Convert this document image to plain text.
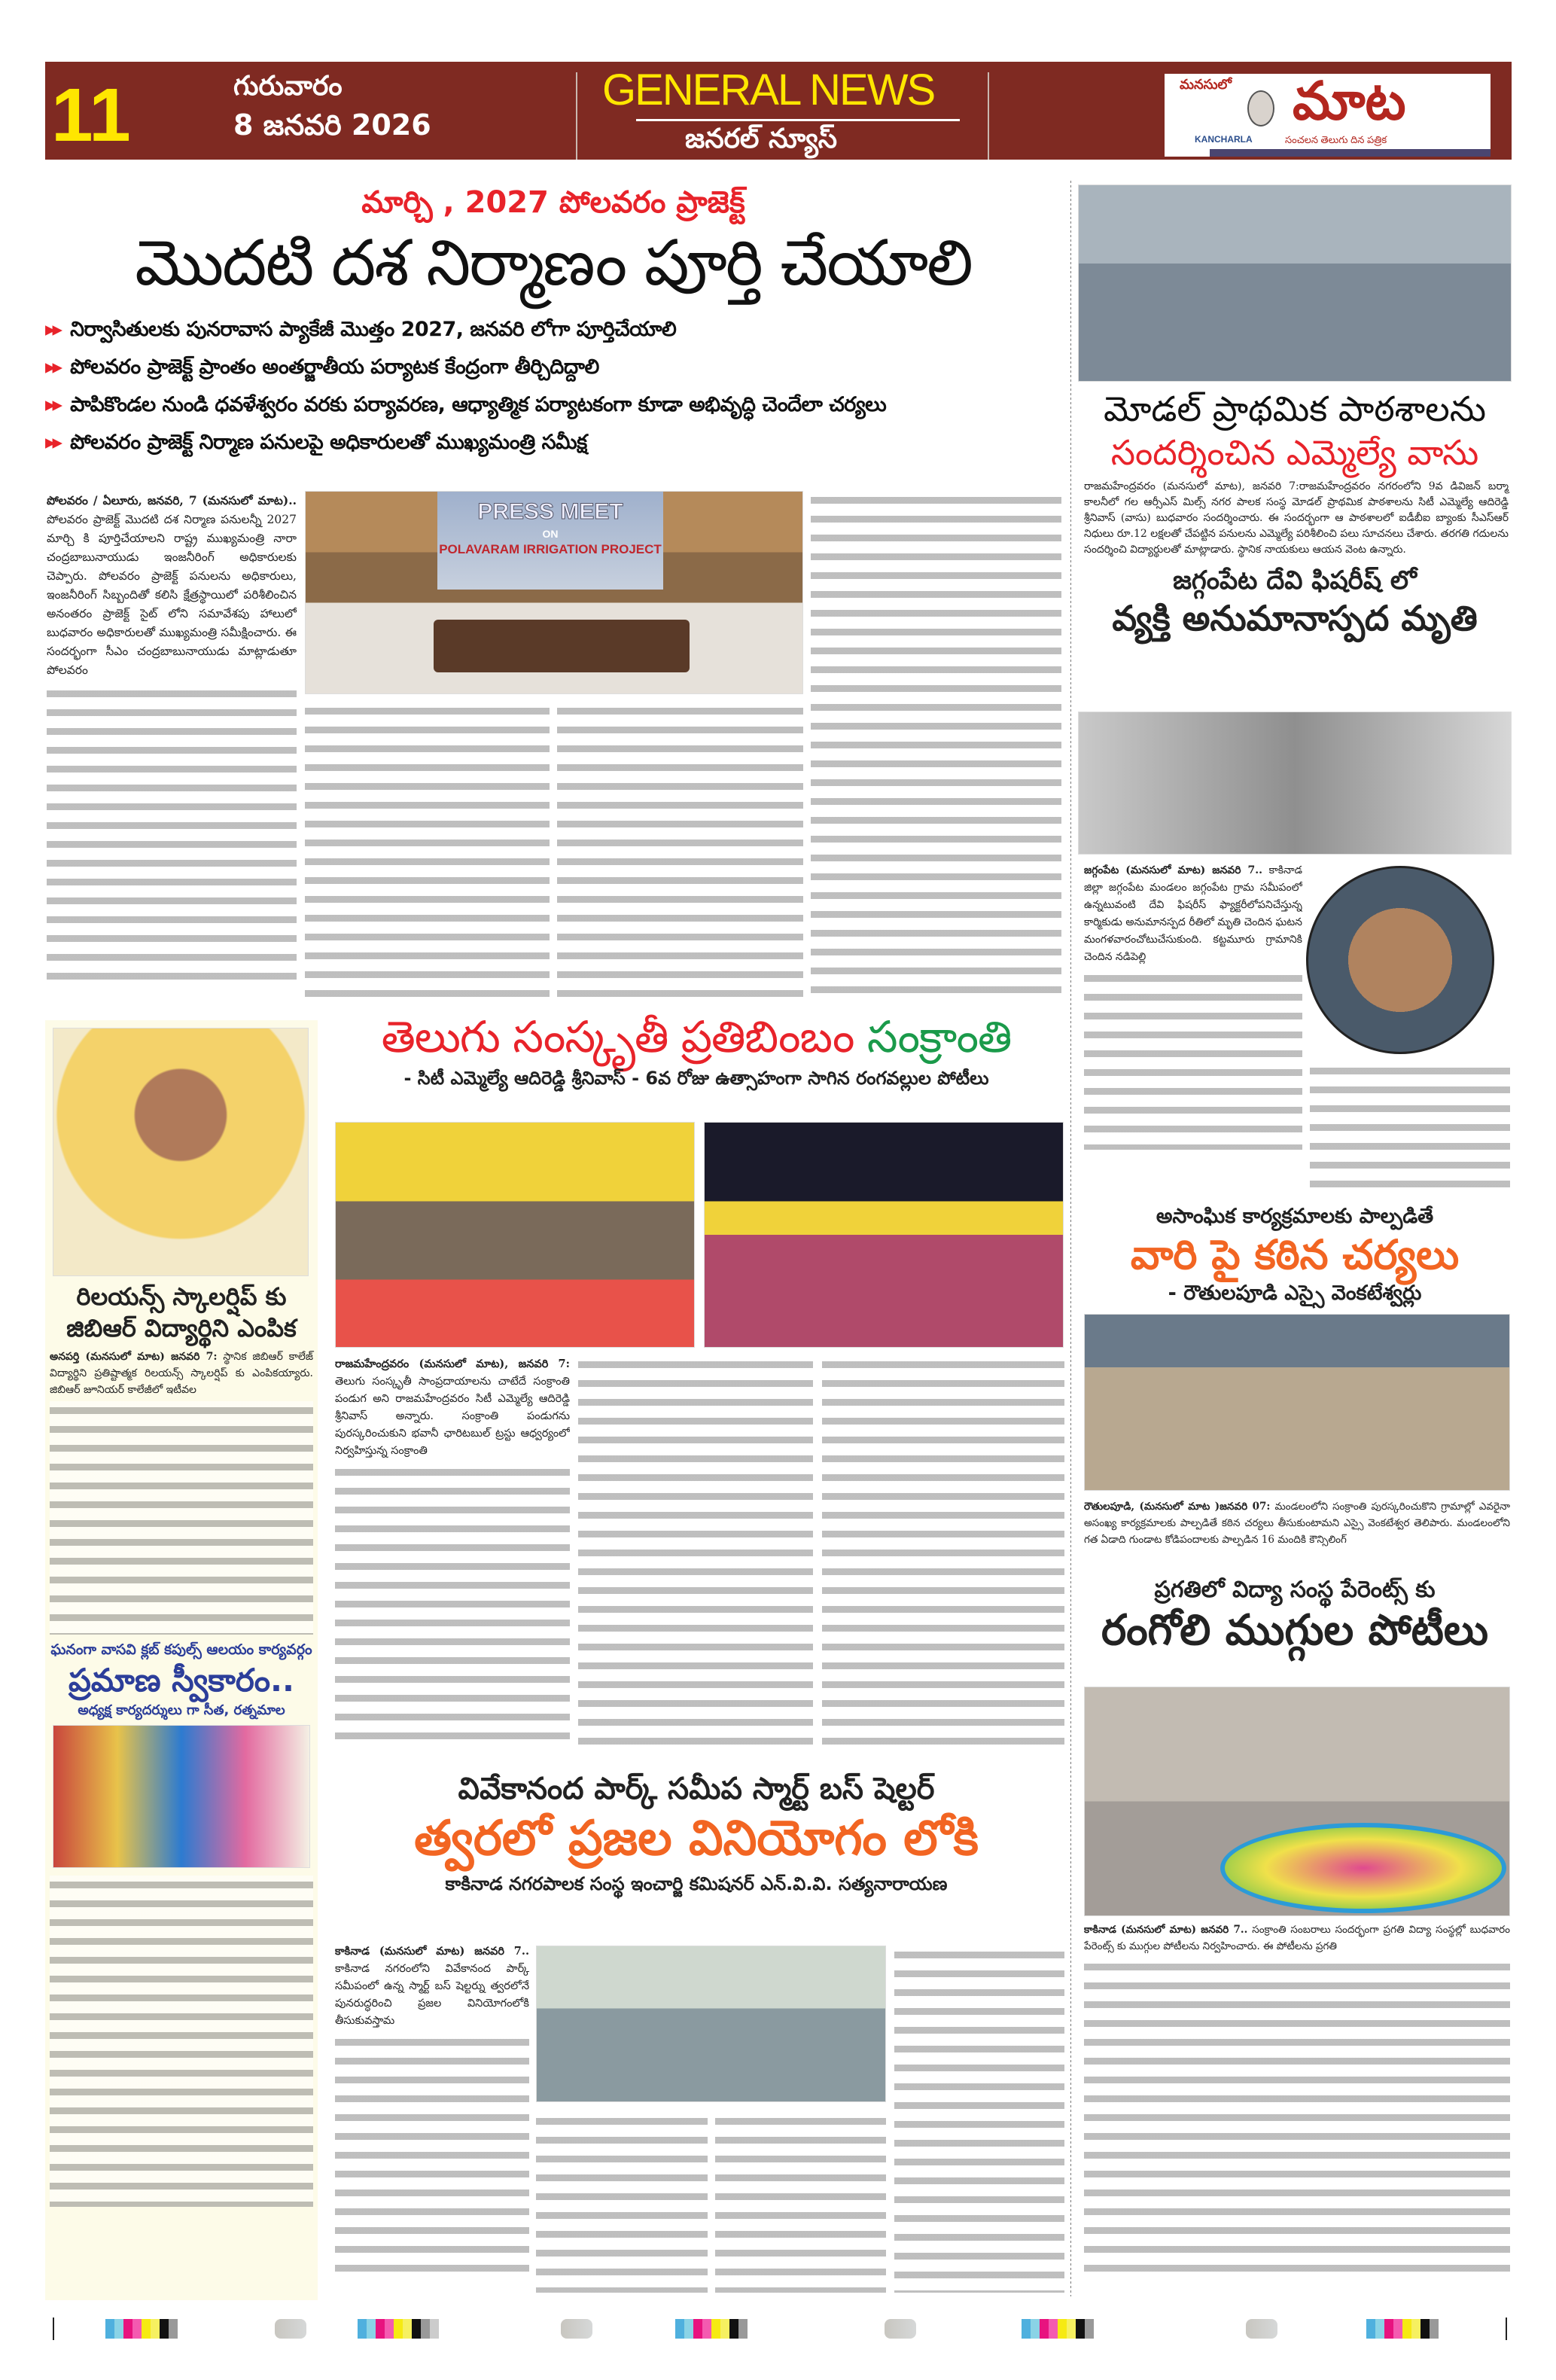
11	గురువారం
8 జనవరి 2026
GENERAL NEWS
జనరల్ న్యూస్
మనసులో మాట
KANCHARLA	సంచలన తెలుగు దిన పత్రిక
మార్చి , 2027 పోలవరం ప్రాజెక్ట్
మొదటి దశ నిర్మాణం పూర్తి చేయాలి
▸▸ నిర్వాసితులకు పునరావాస ప్యాకేజీ మొత్తం 2027, జనవరి లోగా పూర్తిచేయాలి
▸▸ పోలవరం ప్రాజెక్ట్ ప్రాంతం అంతర్జాతీయ పర్యాటక కేంద్రంగా తీర్చిదిద్దాలి
▸▸ పాపికొండల నుండి ధవళేశ్వరం వరకు పర్యావరణ, ఆధ్యాత్మిక పర్యాటకంగా కూడా అభివృద్ధి చెందేలా చర్యలు
▸▸ పోలవరం ప్రాజెక్ట్ నిర్మాణ పనులపై అధికారులతో ముఖ్యమంత్రి సమీక్ష
పోలవరం / ఏలూరు, జనవరి, 7 (మనసులో మాట).. పోలవరం ప్రాజెక్ట్ మొదటి దశ నిర్మాణ పనులన్నీ 2027 మార్చి కి పూర్తిచేయాలని రాష్ట్ర ముఖ్యమంత్రి నారా చంద్రబాబునాయుడు ఇంజనీరింగ్ అధికారులకు చెప్పారు. పోలవరం ప్రాజెక్ట్ పనులను అధికారులు, ఇంజనీరింగ్ సిబ్బందితో కలిసి క్షేత్రస్థాయిలో పరిశీలించిన అనంతరం ప్రాజెక్ట్ సైట్ లోని సమావేశపు హాలులో బుధవారం అధికారులతో ముఖ్యమంత్రి సమీక్షించారు. ఈ సందర్భంగా సీఎం చంద్రబాబునాయుడు మాట్లాడుతూ పోలవరం
PRESS MEET
ON
POLAVARAM IRRIGATION PROJECT
మోడల్ ప్రాథమిక పాఠశాలను
సందర్శించిన ఎమ్మెల్యే వాసు
రాజమహేంద్రవరం (మనసులో మాట), జనవరి 7:రాజమహేంద్రవరం నగరంలోని 9వ డివిజన్ బర్మా కాలనీలో గల ఆర్సీఎస్ మిల్స్ నగర పాలక సంస్థ మోడల్ ప్రాథమిక పాఠశాలను సిటీ ఎమ్మెల్యే ఆదిరెడ్డి శ్రీనివాస్ (వాసు) బుధవారం సందర్శించారు. ఈ సందర్భంగా ఆ పాఠశాలలో ఐడీబీఐ బ్యాంకు సీఎస్ఆర్ నిధులు రూ.12 లక్షలతో చేపట్టిన పనులను ఎమ్మెల్యే పరిశీలించి పలు సూచనలు చేశారు. తరగతి గదులను సందర్శించి విద్యార్థులతో మాట్లాడారు. స్థానిక నాయకులు ఆయన వెంట ఉన్నారు.
జగ్గంపేట దేవి ఫిషరీష్ లో
వ్యక్తి అనుమానాస్పద మృతి
జగ్గంపేట (మనసులో మాట) జనవరి 7.. కాకినాడ జిల్లా జగ్గంపేట మండలం జగ్గంపేట గ్రామ సమీపంలో ఉన్నటువంటి దేవి ఫిషరీస్ ఫ్యాక్టరీలోపనిచేస్తున్న కార్మికుడు అనుమానస్పద రీతిలో మృతి చెందిన ఘటన మంగళవారంచోటుచేసుకుంది. కట్టమూరు గ్రామానికి చెందిన నడిపెల్లి
అసాంఘిక కార్యక్రమాలకు పాల్పడితే
వారి పై కఠిన చర్యలు
- రౌతులపూడి ఎస్సై వెంకటేశ్వర్లు
రౌతులపూడి, (మనసులో మాట )జనవరి 07: మండలంలోని సంక్రాంతి పురస్కరించుకొని గ్రామాల్లో ఎవరైనా అసంఖ్య కార్యక్రమాలకు పాల్పడితే కఠిన చర్యలు తీసుకుంటామని ఎస్సై వెంకటేశ్వర తెలిపారు. మండలంలోని గత ఏడాది గుండాట కోడిపందాలకు పాల్పడిన 16 మందికి కౌన్సిలింగ్
ప్రగతిలో విద్యా సంస్థ పేరెంట్స్ కు
రంగోలి ముగ్గుల పోటీలు
కాకినాడ (మనసులో మాట) జనవరి 7.. సంక్రాంతి సంబరాలు సందర్భంగా ప్రగతి విద్యా సంస్థల్లో బుధవారం పేరెంట్స్ కు ముగ్గుల పోటీలను నిర్వహించారు. ఈ పోటీలను ప్రగతి
రిలయన్స్ స్కాలర్షిప్ కు జిబిఆర్ విద్యార్థిని ఎంపిక
అనపర్తి (మనసులో మాట) జనవరి 7: స్థానిక జిబిఆర్ కాలేజ్ విద్యార్థిని ప్రతిష్టాత్మక రిలయన్స్ స్కాలర్షిప్ కు ఎంపికయ్యారు. జిబిఆర్ జూనియర్ కాలేజీలో ఇటీవల
ఘనంగా వాసవి క్లబ్ కపుల్స్ ఆలయం కార్యవర్గం
ప్రమాణ స్వీకారం..
అధ్యక్ష కార్యదర్శులు గా సీత, రత్నమాల
తెలుగు సంస్కృతీ ప్రతిబింబం సంక్రాంతి
- సిటీ ఎమ్మెల్యే ఆదిరెడ్డి శ్రీనివాస్ - 6వ రోజు ఉత్సాహంగా సాగిన రంగవల్లుల పోటీలు
రాజమహేంద్రవరం (మనసులో మాట), జనవరి 7: తెలుగు సంస్కృతీ సాంప్రదాయాలను చాటేదే సంక్రాంతి పండుగ అని రాజమహేంద్రవరం సిటీ ఎమ్మెల్యే ఆదిరెడ్డి శ్రీనివాస్ అన్నారు. సంక్రాంతి పండుగను పురస్కరించుకుని భవానీ ఛారిటబుల్ ట్రస్టు ఆధ్వర్యంలో నిర్వహిస్తున్న సంక్రాంతి
వివేకానంద పార్క్ సమీప స్మార్ట్ బస్ షెల్టర్
త్వరలో ప్రజల వినియోగం లోకి
కాకినాడ నగరపాలక సంస్థ ఇంచార్జి కమిషనర్ ఎన్.వి.వి. సత్యనారాయణ
కాకినాడ (మనసులో మాట) జనవరి 7.. కాకినాడ నగరంలోని వివేకానంద పార్క్ సమీపంలో ఉన్న స్మార్ట్ బస్ షెల్టర్ను త్వరలోనే పునరుద్ధరించి ప్రజల వినియోగంలోకి తీసుకువస్తామ
